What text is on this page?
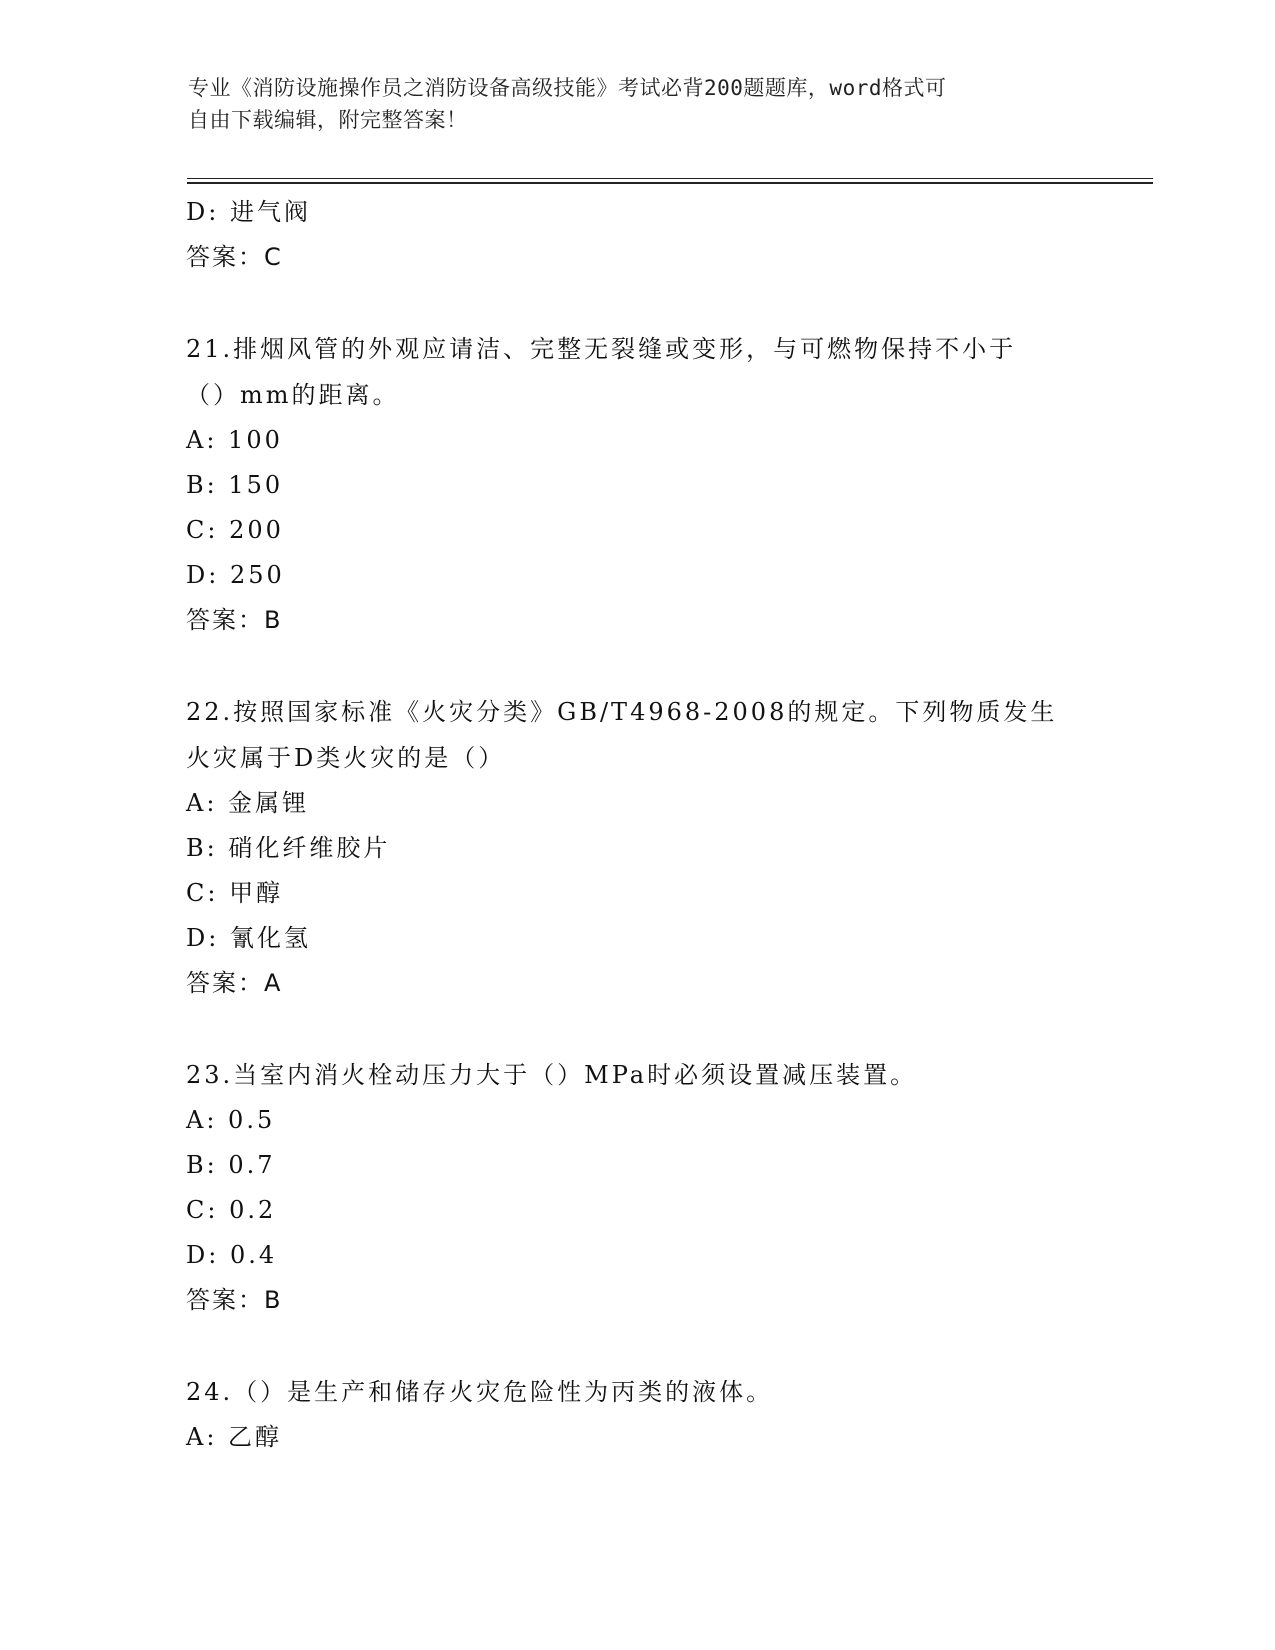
专业《消防设施操作员之消防设备高级技能》考试必背200题题库，word格式可
自由下载编辑，附完整答案！
D: 进气阀
答案：C
21.排烟风管的外观应请洁、完整无裂缝或变形，与可燃物保持不小于
（）mm的距离。
A: 100
B: 150
C: 200
D: 250
答案：B
22.按照国家标准《火灾分类》GB/T4968-2008的规定。下列物质发生
火灾属于D类火灾的是（）
A: 金属锂
B: 硝化纤维胶片
C: 甲醇
D: 氰化氢
答案：A
23.当室内消火栓动压力大于（）MPa时必须设置减压装置。
A: 0.5
B: 0.7
C: 0.2
D: 0.4
答案：B
24.（）是生产和储存火灾危险性为丙类的液体。
A: 乙醇
